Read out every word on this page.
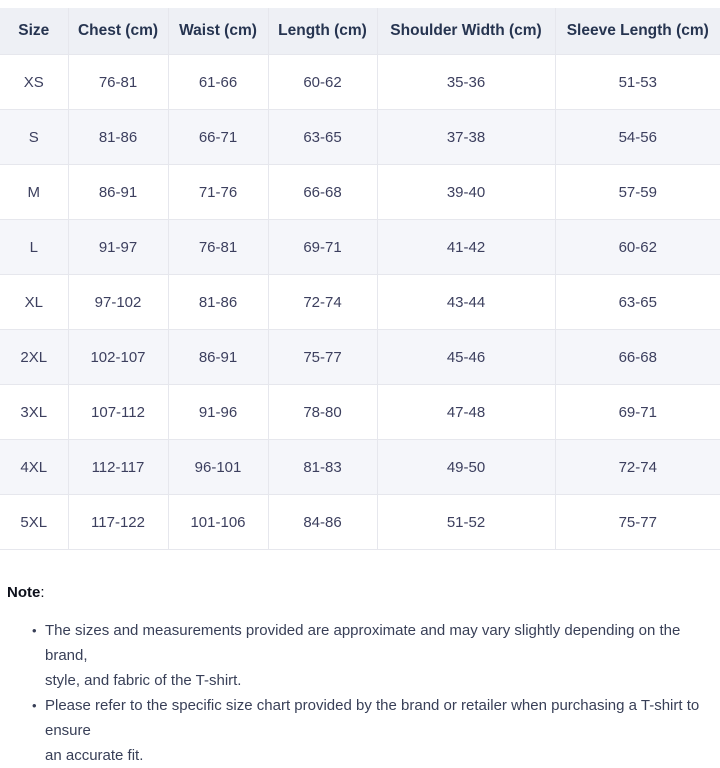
Size	Chest (cm)	Waist (cm)	Length (cm)	Shoulder Width (cm)	Sleeve Length (cm)
XS	76-81	61-66	60-62	35-36	51-53
S	81-86	66-71	63-65	37-38	54-56
M	86-91	71-76	66-68	39-40	57-59
L	91-97	76-81	69-71	41-42	60-62
XL	97-102	81-86	72-74	43-44	63-65
2XL	102-107	86-91	75-77	45-46	66-68
3XL	107-112	91-96	78-80	47-48	69-71
4XL	112-117	96-101	81-83	49-50	72-74
5XL	117-122	101-106	84-86	51-52	75-77

Note:

• The sizes and measurements provided are approximate and may vary slightly depending on the brand,
style, and fabric of the T-shirt.
• Please refer to the specific size chart provided by the brand or retailer when purchasing a T-shirt to ensure
an accurate fit.
